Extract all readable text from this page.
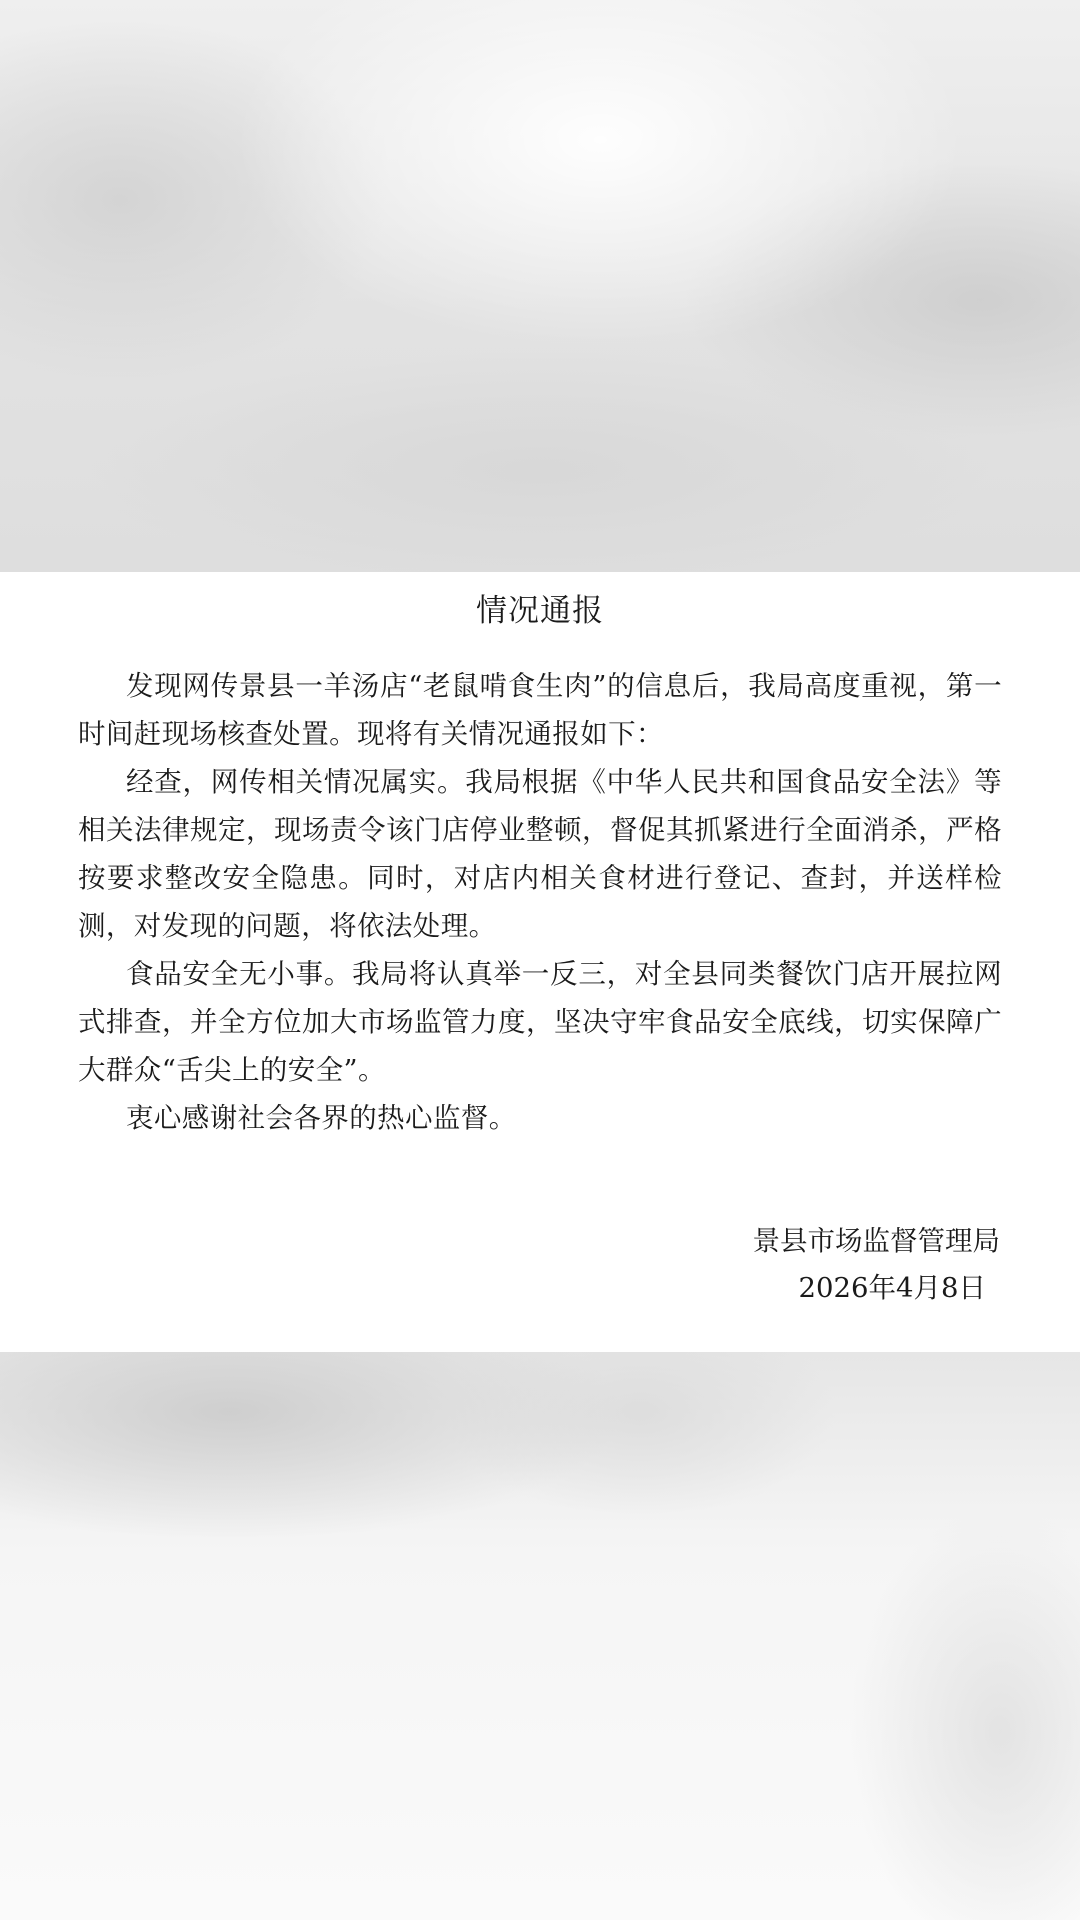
情况通报

发现网传景县一羊汤店“老鼠啃食生肉”的信息后，我局高度重视，第一时间赶现场核查处置。现将有关情况通报如下：

经查，网传相关情况属实。我局根据《中华人民共和国食品安全法》等相关法律规定，现场责令该门店停业整顿，督促其抓紧进行全面消杀，严格按要求整改安全隐患。同时，对店内相关食材进行登记、查封，并送样检测，对发现的问题，将依法处理。

食品安全无小事。我局将认真举一反三，对全县同类餐饮门店开展拉网式排查，并全方位加大市场监管力度，坚决守牢食品安全底线，切实保障广大群众“舌尖上的安全”。

衷心感谢社会各界的热心监督。

景县市场监督管理局
2026年4月8日
